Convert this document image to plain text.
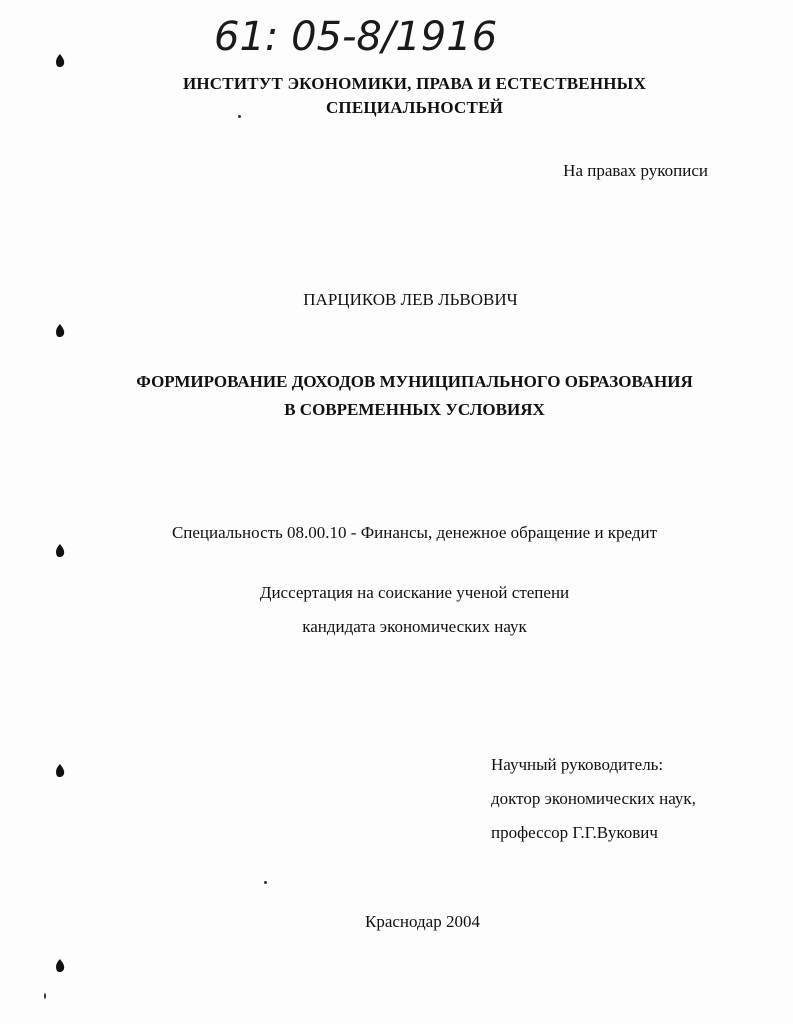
61: 05-8/1916
ИНСТИТУТ ЭКОНОМИКИ, ПРАВА И ЕСТЕСТВЕННЫХ
СПЕЦИАЛЬНОСТЕЙ
На правах рукописи
ПАРЦИКОВ ЛЕВ ЛЬВОВИЧ
ФОРМИРОВАНИЕ ДОХОДОВ МУНИЦИПАЛЬНОГО ОБРАЗОВАНИЯ
В СОВРЕМЕННЫХ УСЛОВИЯХ
Специальность 08.00.10 - Финансы, денежное обращение и кредит
Диссертация на соискание ученой степени
кандидата экономических наук
Научный руководитель:
доктор экономических наук,
профессор Г.Г.Вукович
Краснодар 2004
